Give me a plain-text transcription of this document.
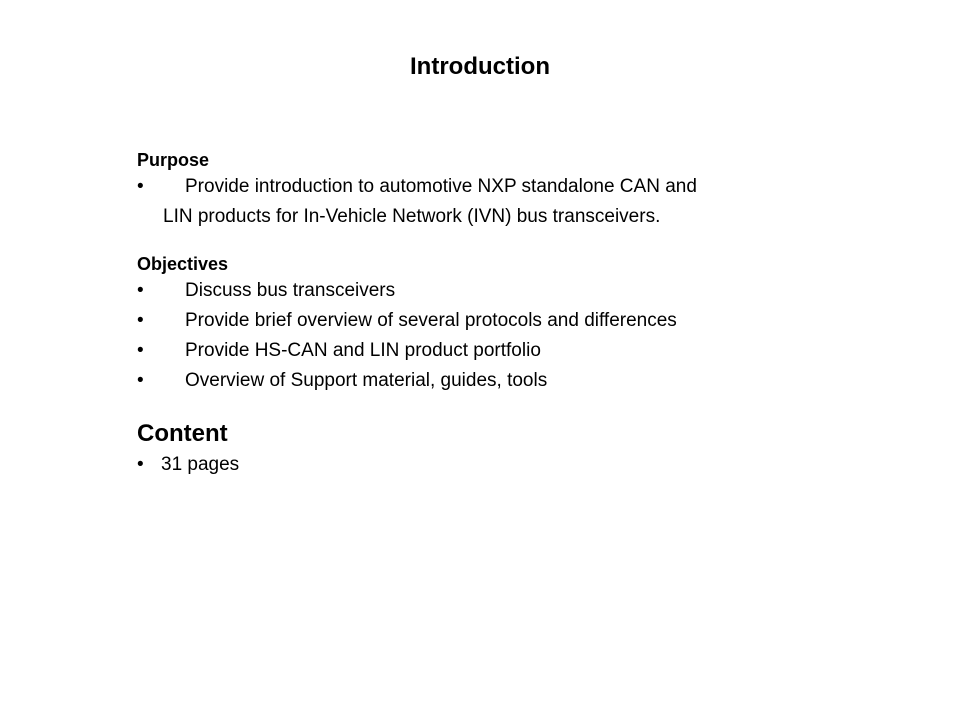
Introduction
Purpose
•	Provide introduction to automotive NXP standalone CAN and
LIN products for In-Vehicle Network (IVN) bus transceivers.
Objectives
•	Discuss bus transceivers
•	Provide brief overview of several protocols and differences
•	Provide HS-CAN and LIN product portfolio
•	Overview of Support material, guides, tools
Content
• 31 pages
